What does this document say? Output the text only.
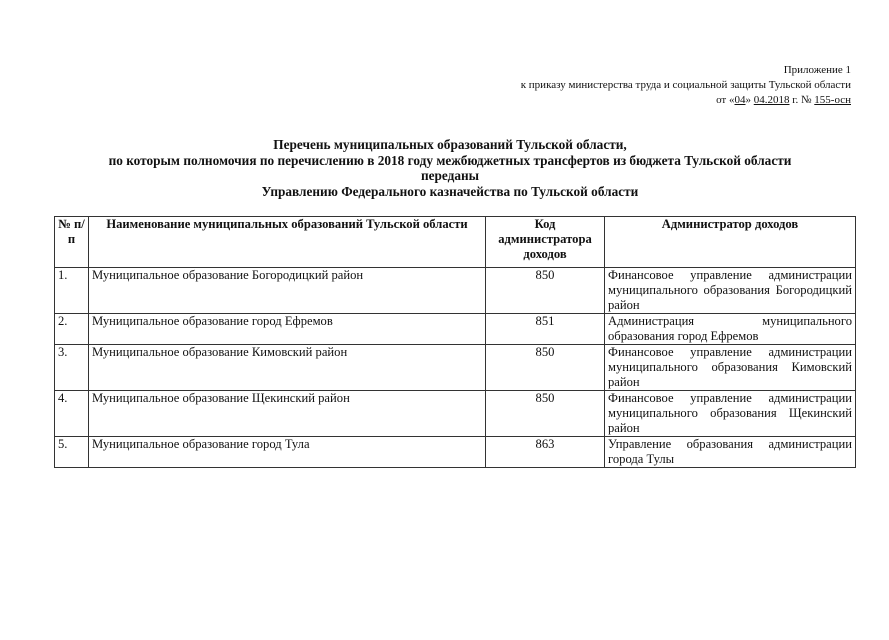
Приложение 1
к приказу министерства труда и социальной защиты Тульской области
от «04» 04.2018 г. № 155-осн
Перечень муниципальных образований Тульской области,
по которым полномочия по перечислению в 2018 году межбюджетных трансфертов из бюджета Тульской области
переданы
Управлению Федерального казначейства по Тульской области
№ п/п	Наименование муниципальных образований Тульской области	Код администратора доходов	Администратор доходов
1.	Муниципальное образование Богородицкий район	850	Финансовое управление администрации муниципального образования Богородицкий район
2.	Муниципальное образование город Ефремов	851	Администрация муниципального образования город Ефремов
3.	Муниципальное образование Кимовский район	850	Финансовое управление администрации муниципального образования Кимовский район
4.	Муниципальное образование Щекинский район	850	Финансовое управление администрации муниципального образования Щекинский район
5.	Муниципальное образование город Тула	863	Управление образования администрации города Тулы
